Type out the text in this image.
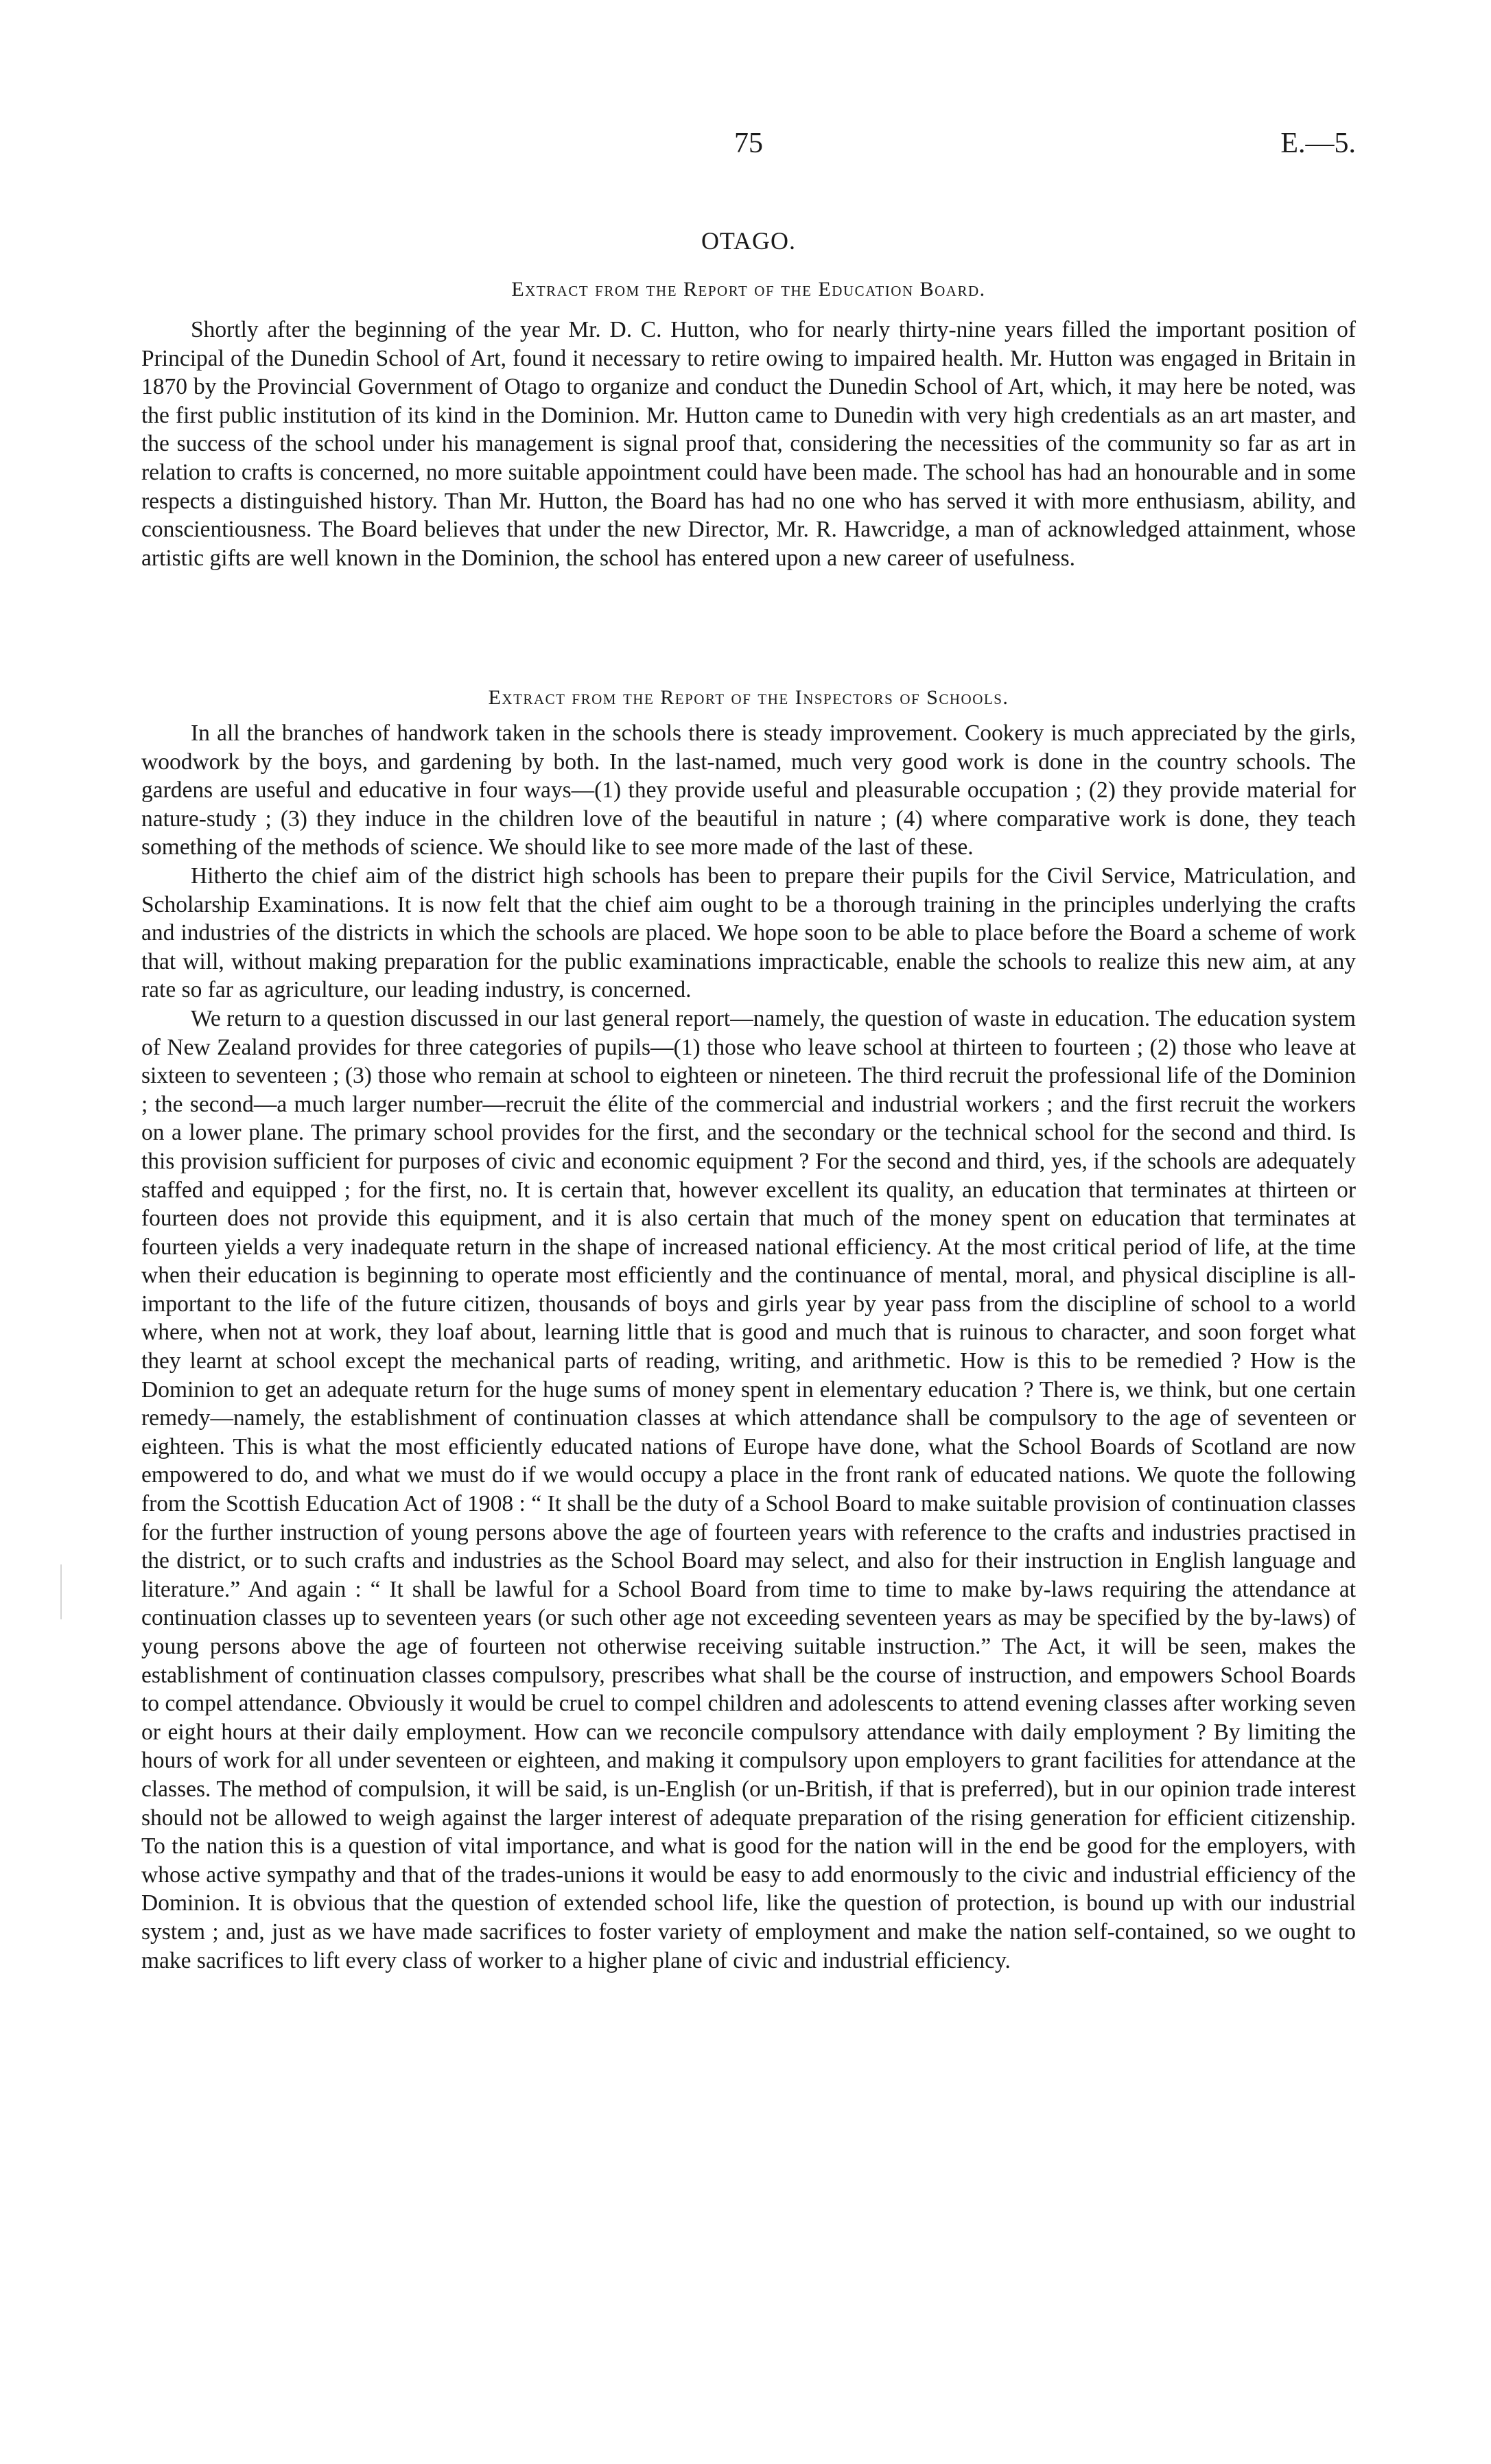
75	E.—5.
OTAGO.
Extract from the Report of the Education Board.

Shortly after the beginning of the year Mr. D. C. Hutton, who for nearly thirty-nine years filled the important position of Principal of the Dunedin School of Art, found it necessary to retire owing to impaired health. Mr. Hutton was engaged in Britain in 1870 by the Provincial Government of Otago to organize and conduct the Dunedin School of Art, which, it may here be noted, was the first public institution of its kind in the Dominion. Mr. Hutton came to Dunedin with very high credentials as an art master, and the success of the school under his management is signal proof that, considering the necessities of the community so far as art in relation to crafts is concerned, no more suitable appointment could have been made. The school has had an honourable and in some respects a distinguished history. Than Mr. Hutton, the Board has had no one who has served it with more enthusiasm, ability, and conscientiousness. The Board believes that under the new Director, Mr. R. Hawcridge, a man of acknowledged attainment, whose artistic gifts are well known in the Dominion, the school has entered upon a new career of usefulness.

Extract from the Report of the Inspectors of Schools.

In all the branches of handwork taken in the schools there is steady improvement. Cookery is much appreciated by the girls, woodwork by the boys, and gardening by both. In the last-named, much very good work is done in the country schools. The gardens are useful and educative in four ways—(1) they provide useful and pleasurable occupation ; (2) they provide material for nature-study ; (3) they induce in the children love of the beautiful in nature ; (4) where comparative work is done, they teach something of the methods of science. We should like to see more made of the last of these.

Hitherto the chief aim of the district high schools has been to prepare their pupils for the Civil Service, Matriculation, and Scholarship Examinations. It is now felt that the chief aim ought to be a thorough training in the principles underlying the crafts and industries of the districts in which the schools are placed. We hope soon to be able to place before the Board a scheme of work that will, without making preparation for the public examinations impracticable, enable the schools to realize this new aim, at any rate so far as agriculture, our leading industry, is concerned.

We return to a question discussed in our last general report—namely, the question of waste in education. The education system of New Zealand provides for three categories of pupils—(1) those who leave school at thirteen to fourteen ; (2) those who leave at sixteen to seventeen ; (3) those who remain at school to eighteen or nineteen. The third recruit the professional life of the Dominion ; the second—a much larger number—recruit the élite of the commercial and industrial workers ; and the first recruit the workers on a lower plane. The primary school provides for the first, and the secondary or the technical school for the second and third. Is this provision sufficient for purposes of civic and economic equipment ? For the second and third, yes, if the schools are adequately staffed and equipped ; for the first, no. It is certain that, however excellent its quality, an education that terminates at thirteen or fourteen does not provide this equipment, and it is also certain that much of the money spent on education that terminates at fourteen yields a very inadequate return in the shape of increased national efficiency. At the most critical period of life, at the time when their education is beginning to operate most efficiently and the continuance of mental, moral, and physical discipline is all-important to the life of the future citizen, thousands of boys and girls year by year pass from the discipline of school to a world where, when not at work, they loaf about, learning little that is good and much that is ruinous to character, and soon forget what they learnt at school except the mechanical parts of reading, writing, and arithmetic. How is this to be remedied ? How is the Dominion to get an adequate return for the huge sums of money spent in elementary education ? There is, we think, but one certain remedy—namely, the establishment of continuation classes at which attendance shall be compulsory to the age of seventeen or eighteen. This is what the most efficiently educated nations of Europe have done, what the School Boards of Scotland are now empowered to do, and what we must do if we would occupy a place in the front rank of educated nations. We quote the following from the Scottish Education Act of 1908 : “ It shall be the duty of a School Board to make suitable provision of continuation classes for the further instruction of young persons above the age of fourteen years with reference to the crafts and industries practised in the district, or to such crafts and industries as the School Board may select, and also for their instruction in English language and literature.” And again : “ It shall be lawful for a School Board from time to time to make by-laws requiring the attendance at continuation classes up to seventeen years (or such other age not exceeding seventeen years as may be specified by the by-laws) of young persons above the age of fourteen not otherwise receiving suitable instruction.” The Act, it will be seen, makes the establishment of continuation classes compulsory, prescribes what shall be the course of instruction, and empowers School Boards to compel attendance. Obviously it would be cruel to compel children and adolescents to attend evening classes after working seven or eight hours at their daily employment. How can we reconcile compulsory attendance with daily employment ? By limiting the hours of work for all under seventeen or eighteen, and making it compulsory upon employers to grant facilities for attendance at the classes. The method of compulsion, it will be said, is un-English (or un-British, if that is preferred), but in our opinion trade interest should not be allowed to weigh against the larger interest of adequate preparation of the rising generation for efficient citizenship. To the nation this is a question of vital importance, and what is good for the nation will in the end be good for the employers, with whose active sympathy and that of the trades-unions it would be easy to add enormously to the civic and industrial efficiency of the Dominion. It is obvious that the question of extended school life, like the question of protection, is bound up with our industrial system ; and, just as we have made sacrifices to foster variety of employment and make the nation self-contained, so we ought to make sacrifices to lift every class of worker to a higher plane of civic and industrial efficiency.
